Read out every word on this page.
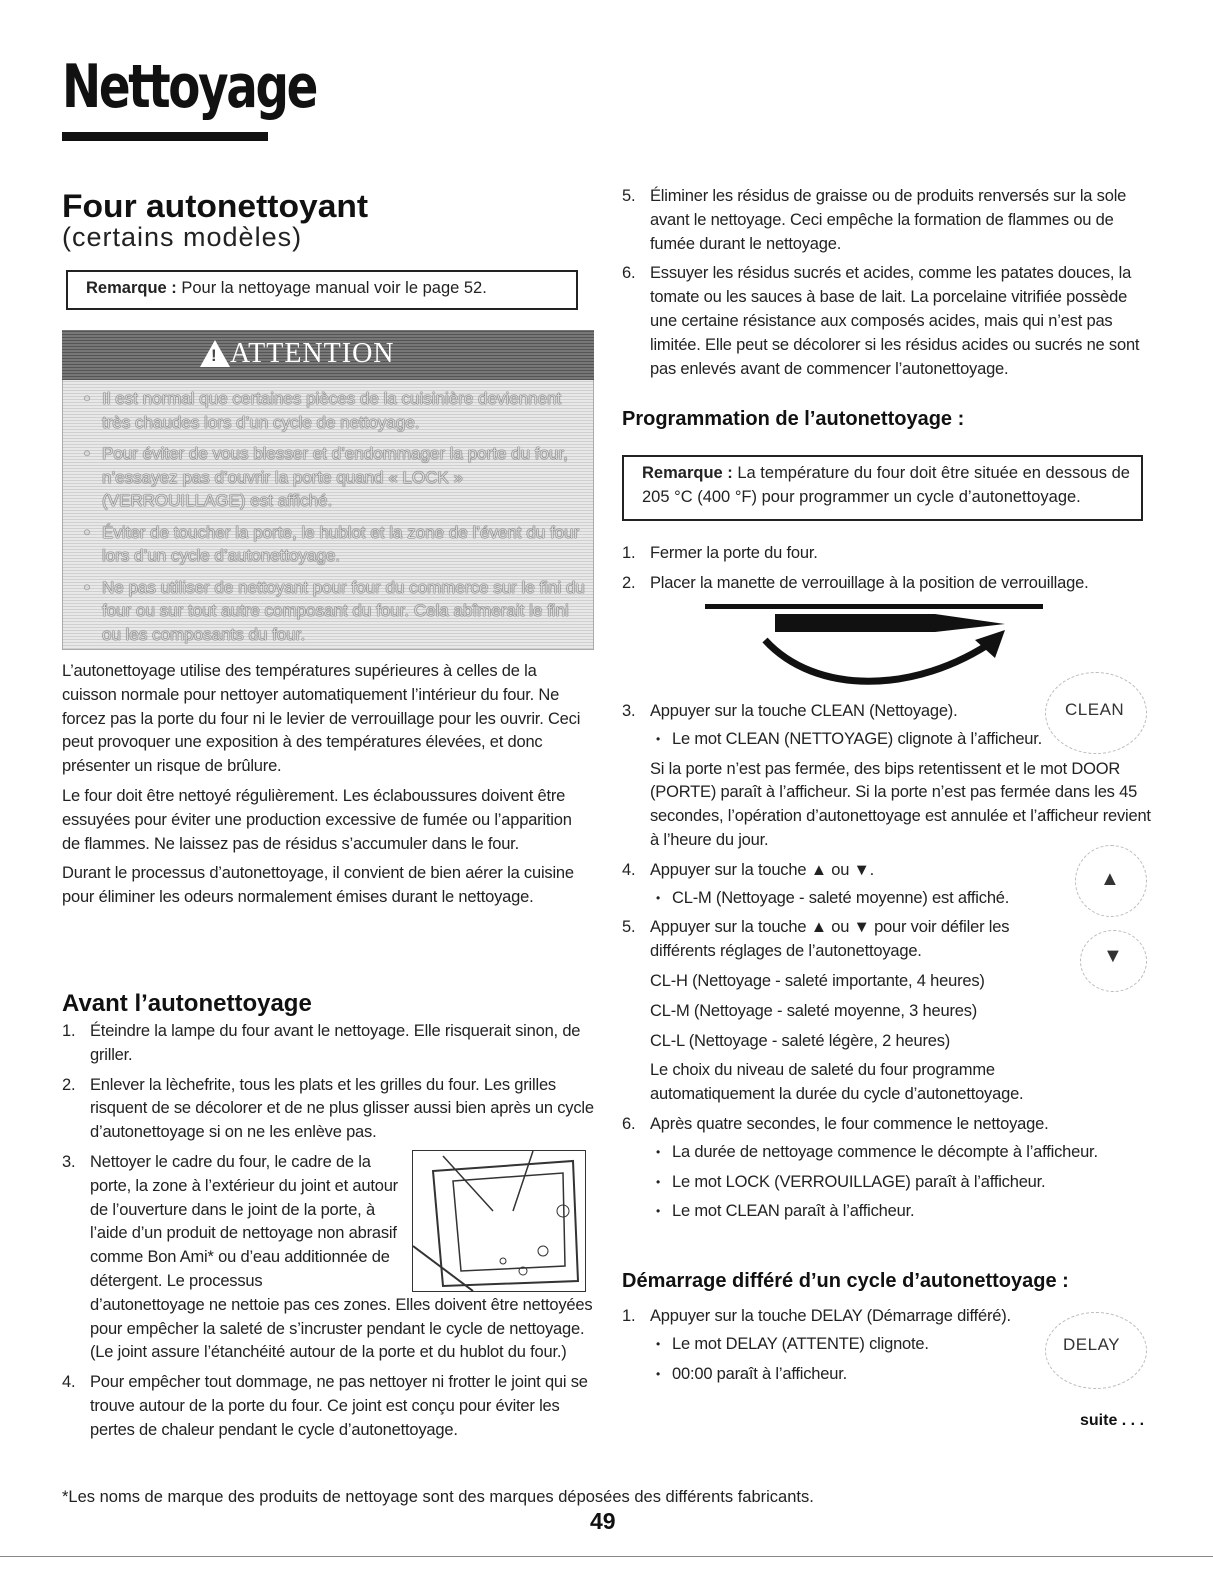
Nettoyage
Four autonettoyant
(certains modèles)
Remarque : Pour la nettoyage manual voir le page 52.
! ATTENTION
• Il est normal que certaines pièces de la cuisinière deviennent très chaudes lors d’un cycle de nettoyage.
• Pour éviter de vous blesser et d’endommager la porte du four, n’essayez pas d’ouvrir la porte quand « LOCK » (VERROUILLAGE) est affiché.
• Éviter de toucher la porte, le hublot et la zone de l’évent du four lors d’un cycle d’autonettoyage.
• Ne pas utiliser de nettoyant pour four du commerce sur le fini du four ou sur tout autre composant du four. Cela abîmerait le fini ou les composants du four.

L’autonettoyage utilise des températures supérieures à celles de la cuisson normale pour nettoyer automatiquement l’intérieur du four. Ne forcez pas la porte du four ni le levier de verrouillage pour les ouvrir. Ceci peut provoquer une exposition à des températures élevées, et donc présenter un risque de brûlure.

Le four doit être nettoyé régulièrement. Les éclaboussures doivent être essuyées pour éviter une production excessive de fumée ou l’apparition de flammes. Ne laissez pas de résidus s’accumuler dans le four.

Durant le processus d’autonettoyage, il convient de bien aérer la cuisine pour éliminer les odeurs normalement émises durant le nettoyage.

Avant l’autonettoyage
1. Éteindre la lampe du four avant le nettoyage. Elle risquerait sinon, de griller.
2. Enlever la lèchefrite, tous les plats et les grilles du four. Les grilles risquent de se décolorer et de ne plus glisser aussi bien après un cycle d’autonettoyage si on ne les enlève pas.
3. Nettoyer le cadre du four, le cadre de la porte, la zone à l’extérieur du joint et autour de l’ouverture dans le joint de la porte, à l’aide d’un produit de nettoyage non abrasif comme Bon Ami* ou d’eau additionnée de détergent. Le processus
d’autonettoyage ne nettoie pas ces zones. Elles doivent être nettoyées pour empêcher la saleté de s’incruster pendant le cycle de nettoyage. (Le joint assure l’étanchéité autour de la porte et du hublot du four.)
4. Pour empêcher tout dommage, ne pas nettoyer ni frotter le joint qui se trouve autour de la porte du four. Ce joint est conçu pour éviter les pertes de chaleur pendant le cycle d’autonettoyage.
5. Éliminer les résidus de graisse ou de produits renversés sur la sole avant le nettoyage. Ceci empêche la formation de flammes ou de fumée durant le nettoyage.
6. Essuyer les résidus sucrés et acides, comme les patates douces, la tomate ou les sauces à base de lait. La porcelaine vitrifiée possède une certaine résistance aux composés acides, mais qui n’est pas limitée. Elle peut se décolorer si les résidus acides ou sucrés ne sont pas enlevés avant de commencer l’autonettoyage.
Programmation de l’autonettoyage :
Remarque : La température du four doit être située en dessous de 205 °C (400 °F) pour programmer un cycle d’autonettoyage.
1. Fermer la porte du four.
2. Placer la manette de verrouillage à la position de verrouillage.
3. Appuyer sur la touche CLEAN (Nettoyage).
• Le mot CLEAN (NETTOYAGE) clignote à l’afficheur.
Si la porte n’est pas fermée, des bips retentissent et le mot DOOR (PORTE) paraît à l’afficheur. Si la porte n’est pas fermée dans les 45 secondes, l’opération d’autonettoyage est annulée et l’afficheur revient à l’heure du jour.
4. Appuyer sur la touche ▲ ou ▼.
• CL-M (Nettoyage - saleté moyenne) est affiché.
5. Appuyer sur la touche ▲ ou ▼ pour voir défiler les différents réglages de l’autonettoyage.
CL-H (Nettoyage - saleté importante, 4 heures)
CL-M (Nettoyage - saleté moyenne, 3 heures)
CL-L (Nettoyage - saleté légère, 2 heures)
Le choix du niveau de saleté du four programme automatiquement la durée du cycle d’autonettoyage.
6. Après quatre secondes, le four commence le nettoyage.
• La durée de nettoyage commence le décompte à l’afficheur.
• Le mot LOCK (VERROUILLAGE) paraît à l’afficheur.
• Le mot CLEAN paraît à l’afficheur.
Démarrage différé d’un cycle d’autonettoyage :
1. Appuyer sur la touche DELAY (Démarrage différé).
• Le mot DELAY (ATTENTE) clignote.
• 00:00 paraît à l’afficheur.
CLEAN
▲
▼
DELAY
suite . . .
*Les noms de marque des produits de nettoyage sont des marques déposées des différents fabricants.
49
